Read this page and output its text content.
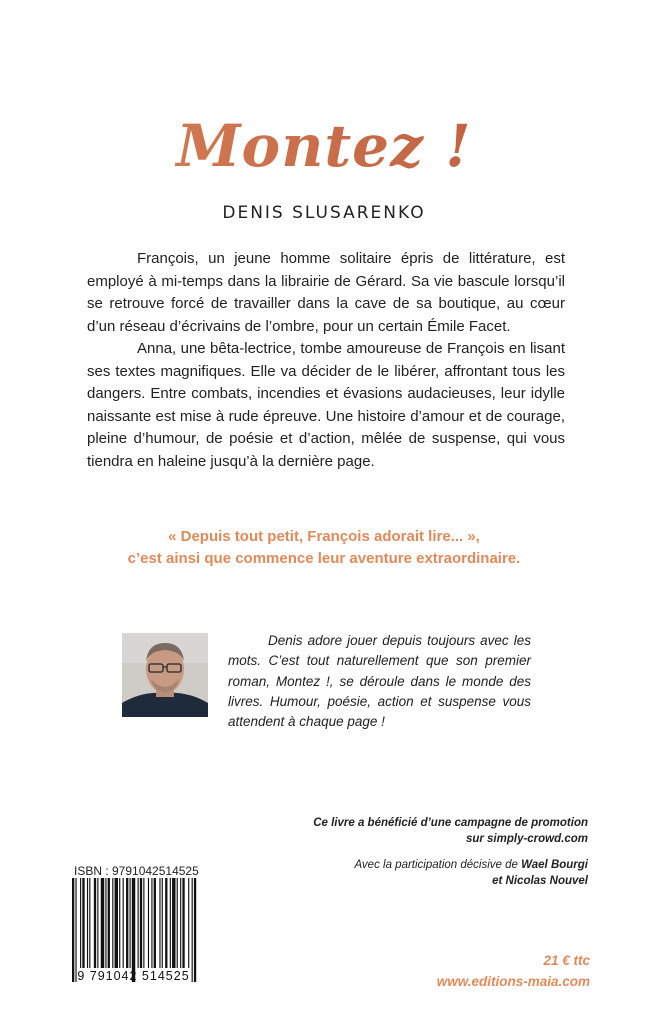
Montez !
DENIS SLUSARENKO

François, un jeune homme solitaire épris de littérature, est employé à mi-temps dans la librairie de Gérard. Sa vie bascule lorsqu’il se retrouve forcé de travailler dans la cave de sa boutique, au cœur d’un réseau d’écrivains de l’ombre, pour un certain Émile Facet.

Anna, une bêta-lectrice, tombe amoureuse de François en lisant ses textes magnifiques. Elle va décider de le libérer, affrontant tous les dangers. Entre combats, incendies et évasions audacieuses, leur idylle naissante est mise à rude épreuve. Une histoire d’amour et de courage, pleine d’humour, de poésie et d’action, mêlée de suspense, qui vous tiendra en haleine jusqu’à la dernière page.

« Depuis tout petit, François adorait lire... »,
c’est ainsi que commence leur aventure extraordinaire.

Denis adore jouer depuis toujours avec les mots. C’est tout naturellement que son premier roman, Montez !, se déroule dans le monde des livres. Humour, poésie, action et suspense vous attendent à chaque page !

Ce livre a bénéficié d’une campagne de promotion
sur simply-crowd.com
Avec la participation décisive de Wael Bourgi
et Nicolas Nouvel
ISBN : 9791042514525
9 791042 514525
21 € ttc
www.editions-maia.com
